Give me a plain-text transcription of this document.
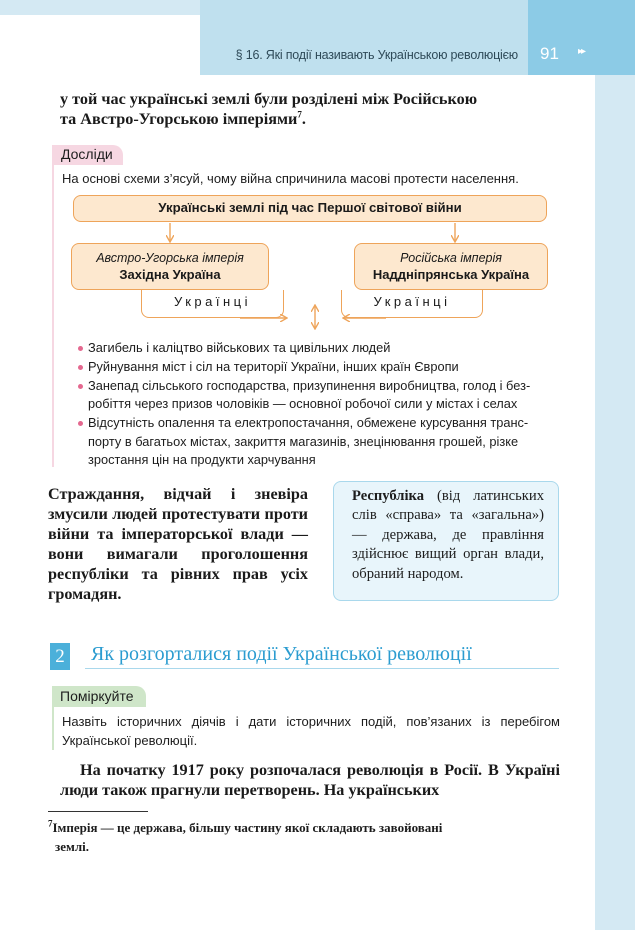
§ 16. Які події називають Українською революцією 91 ▸▸
у той час українські землі були розділені між Російською
та Австро-Угорською імперіями$^7$.
Досліди
На основі схеми з’ясуй, чому війна спричинила масові протести населення.
Українські землі під час Першої світової війни
Австро-Угорська імперія
Західна Україна
Російська імперія
Наддніпрянська Україна
Українці	Українці
Загибель і каліцтво військових та цивільних людей
Руйнування міст і сіл на території України, інших країн Європи
Занепад сільського господарства, призупинення виробництва, голод і без-робіття через призов чоловіків — основної робочої сили у містах і селах
Відсутність опалення та електропостачання, обмежене курсування транс-порту в багатьох містах, закриття магазинів, знецінювання грошей, різке зростання цін на продукти харчування
Страждання, відчай і зневіра змусили людей протестувати проти війни та імператорської влади — вони вимагали проголошення республіки та рівних прав усіх громадян.
Республіка (від латинських слів «справа» та «загальна») — держава, де правління здійснює вищий орган влади, обраний народом.
2 Як розгорталися події Української революції
Поміркуйте
Назвіть історичних діячів і дати історичних подій, пов’язаних із перебігом Української революції.
На початку 1917 року розпочалася революція в Росії. В Україні люди також прагнули перетворень. На українських
$^7$Імперія — це держава, більшу частину якої складають завойовані
землі.
